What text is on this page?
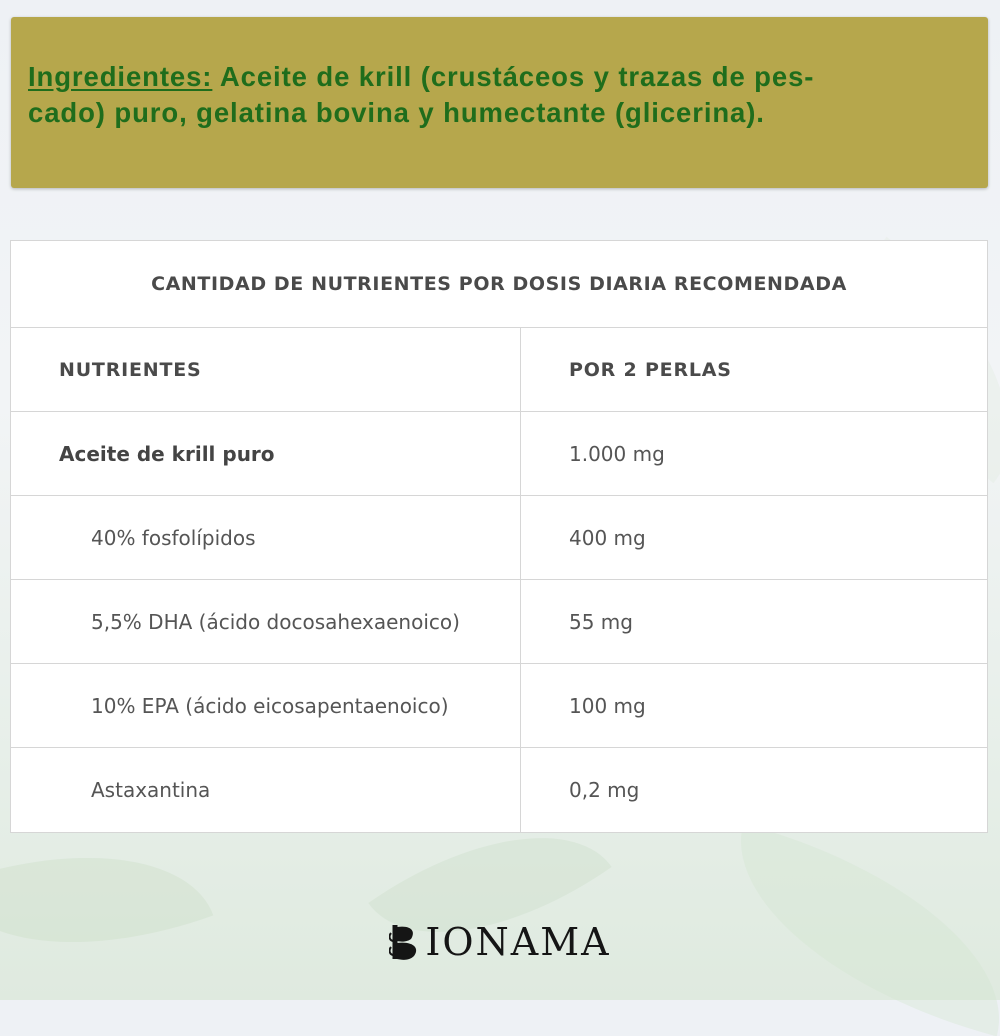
Ingredientes: Aceite de krill (crustáceos y trazas de pes-
cado) puro, gelatina bovina y humectante (glicerina).

CANTIDAD DE NUTRIENTES POR DOSIS DIARIA RECOMENDADA
NUTRIENTES	POR 2 PERLAS
Aceite de krill puro	1.000 mg
40% fosfolípidos	400 mg
5,5% DHA (ácido docosahexaenoico)	55 mg
10% EPA (ácido eicosapentaenoico)	100 mg
Astaxantina	0,2 mg
IONAMA
